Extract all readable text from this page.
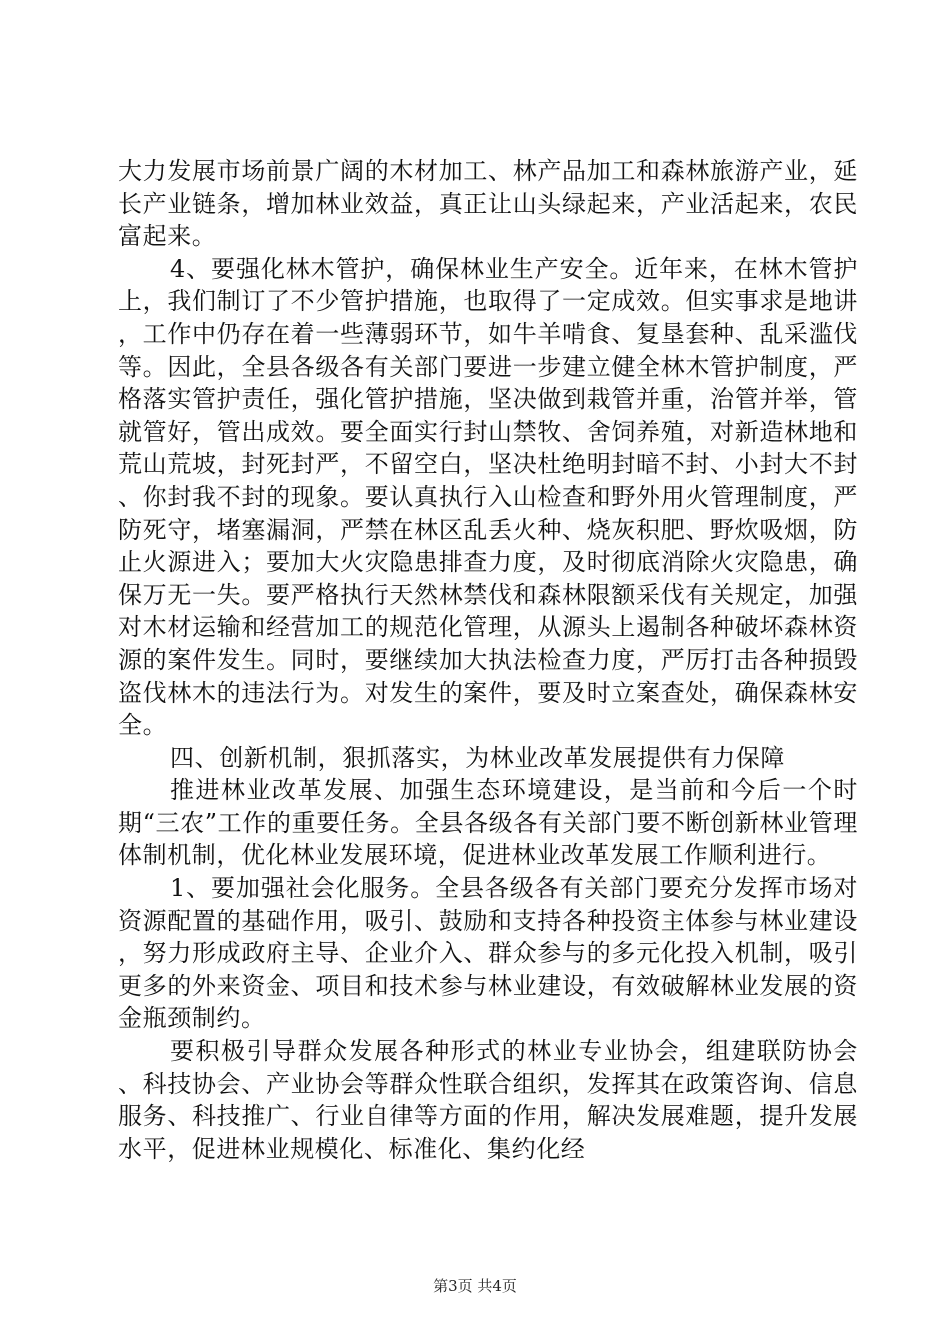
大力发展市场前景广阔的木材加工、林产品加工和森林旅游产业，延长产业链条，增加林业效益，真正让山头绿起来，产业活起来，农民富起来。

4、要强化林木管护，确保林业生产安全。近年来，在林木管护上，我们制订了不少管护措施，也取得了一定成效。但实事求是地讲，工作中仍存在着一些薄弱环节，如牛羊啃食、复垦套种、乱采滥伐等。因此，全县各级各有关部门要进一步建立健全林木管护制度，严格落实管护责任，强化管护措施，坚决做到栽管并重，治管并举，管就管好，管出成效。要全面实行封山禁牧、舍饲养殖，对新造林地和荒山荒坡，封死封严，不留空白，坚决杜绝明封暗不封、小封大不封、你封我不封的现象。要认真执行入山检查和野外用火管理制度，严防死守，堵塞漏洞，严禁在林区乱丢火种、烧灰积肥、野炊吸烟，防止火源进入；要加大火灾隐患排查力度，及时彻底消除火灾隐患，确保万无一失。要严格执行天然林禁伐和森林限额采伐有关规定，加强对木材运输和经营加工的规范化管理，从源头上遏制各种破坏森林资源的案件发生。同时，要继续加大执法检查力度，严厉打击各种损毁盗伐林木的违法行为。对发生的案件，要及时立案查处，确保森林安全。

四、创新机制，狠抓落实，为林业改革发展提供有力保障

推进林业改革发展、加强生态环境建设，是当前和今后一个时期“三农”工作的重要任务。全县各级各有关部门要不断创新林业管理体制机制，优化林业发展环境，促进林业改革发展工作顺利进行。

1、要加强社会化服务。全县各级各有关部门要充分发挥市场对资源配置的基础作用，吸引、鼓励和支持各种投资主体参与林业建设，努力形成政府主导、企业介入、群众参与的多元化投入机制，吸引更多的外来资金、项目和技术参与林业建设，有效破解林业发展的资金瓶颈制约。

要积极引导群众发展各种形式的林业专业协会，组建联防协会、科技协会、产业协会等群众性联合组织，发挥其在政策咨询、信息服务、科技推广、行业自律等方面的作用，解决发展难题，提升发展水平，促进林业规模化、标准化、集约化经

第3页 共4页
